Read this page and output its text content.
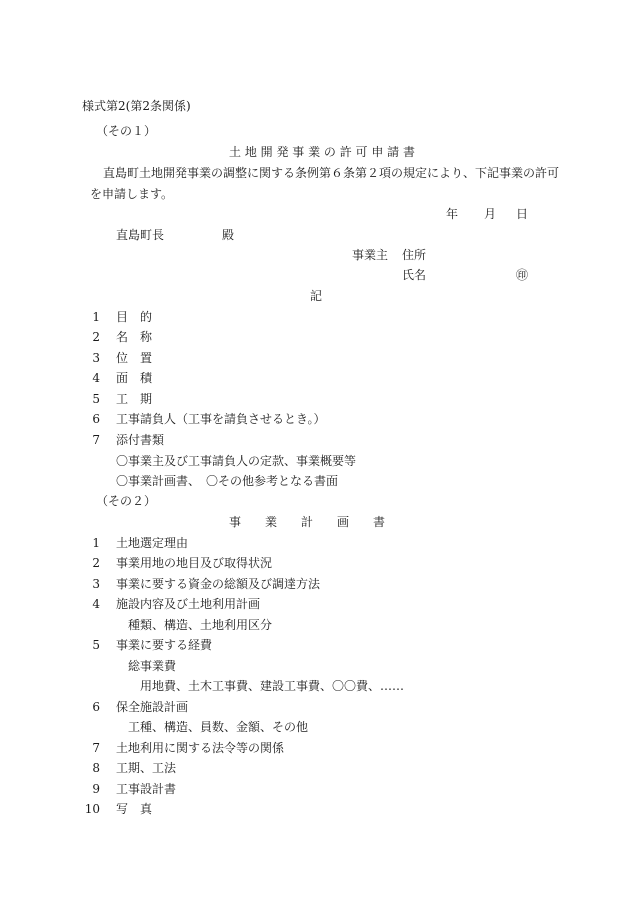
様式第2(第2条関係)
（その１）
土 地 開 発 事 業 の 許 可 申 請 書
直島町土地開発事業の調整に関する条例第６条第２項の規定により、下記事業の許可
を申請します。
年 月 日
直島町長	殿
事業主 住所
氏名	㊞
記
1 目　的
2 名　称
3 位　置
4 面　積
5 工　期
6 工事請負人（工事を請負させるとき。）
7 添付書類
〇事業主及び工事請負人の定款、事業概要等
〇事業計画書、　〇その他参考となる書面
（その２）
事　　業　　計　　画　　書
1 土地選定理由
2 事業用地の地目及び取得状況
3 事業に要する資金の総額及び調達方法
4 施設内容及び土地利用計画
種類、構造、土地利用区分
5 事業に要する経費
総事業費
用地費、土木工事費、建設工事費、〇〇費、……
6 保全施設計画
工種、構造、員数、金額、その他
7 土地利用に関する法令等の関係
8 工期、工法
9 工事設計書
10 写　真
